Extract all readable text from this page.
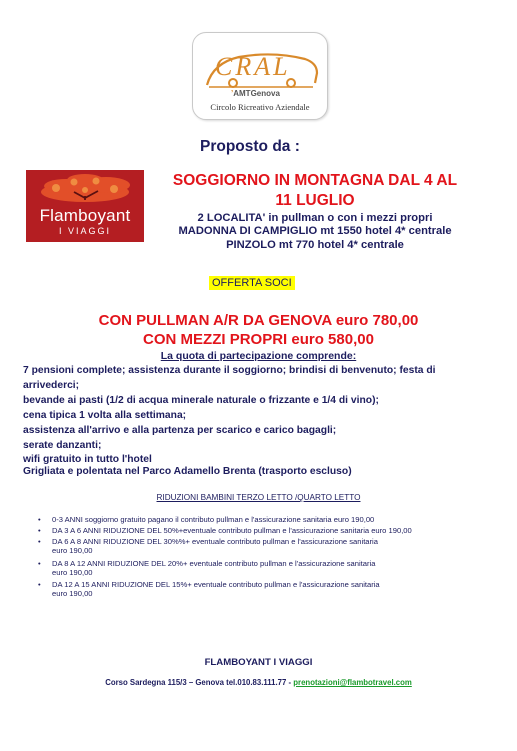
CRAL
’AMTGenova
Circolo Ricreativo Aziendale
Proposto da :
Flamboyant
I VIAGGI
SOGGIORNO IN MONTAGNA DAL 4 AL
11 LUGLIO
2 LOCALITA' in pullman o con i mezzi propri
MADONNA DI CAMPIGLIO mt 1550 hotel 4* centrale
PINZOLO mt 770 hotel 4* centrale
OFFERTA SOCI
CON PULLMAN A/R DA GENOVA euro 780,00
CON MEZZI PROPRI euro 580,00
La quota di partecipazione comprende:
7 pensioni complete; assistenza durante il soggiorno; brindisi di benvenuto; festa di
arrivederci;
bevande ai pasti (1/2 di acqua minerale naturale o frizzante e 1/4 di vino);
cena tipica 1 volta alla settimana;
assistenza all'arrivo e alla partenza per scarico e carico bagagli;
serate danzanti;
wifi gratuito in tutto l'hotel
Grigliata e polentata nel Parco Adamello Brenta (trasporto escluso)
RIDUZIONI BAMBINI TERZO LETTO /QUARTO LETTO
• 0-3 ANNI soggiorno gratuito pagano il contributo pullman e l'assicurazione sanitaria euro 190,00
• DA 3 A 6 ANNI RIDUZIONE DEL 50%+eventuale contributo pullman e l'assicurazione sanitaria euro 190,00
• DA 6 A 8 ANNI RIDUZIONE DEL 30%%+ eventuale contributo pullman e l'assicurazione sanitaria
euro 190,00
• DA 8 A 12 ANNI RIDUZIONE DEL 20%+ eventuale contributo pullman e l'assicurazione sanitaria
euro 190,00
• DA 12 A 15 ANNI RIDUZIONE DEL 15%+ eventuale contributo pullman e l'assicurazione sanitaria
euro 190,00
FLAMBOYANT I VIAGGI
Corso Sardegna 115/3 – Genova tel.010.83.111.77 - prenotazioni@flambotravel.com
